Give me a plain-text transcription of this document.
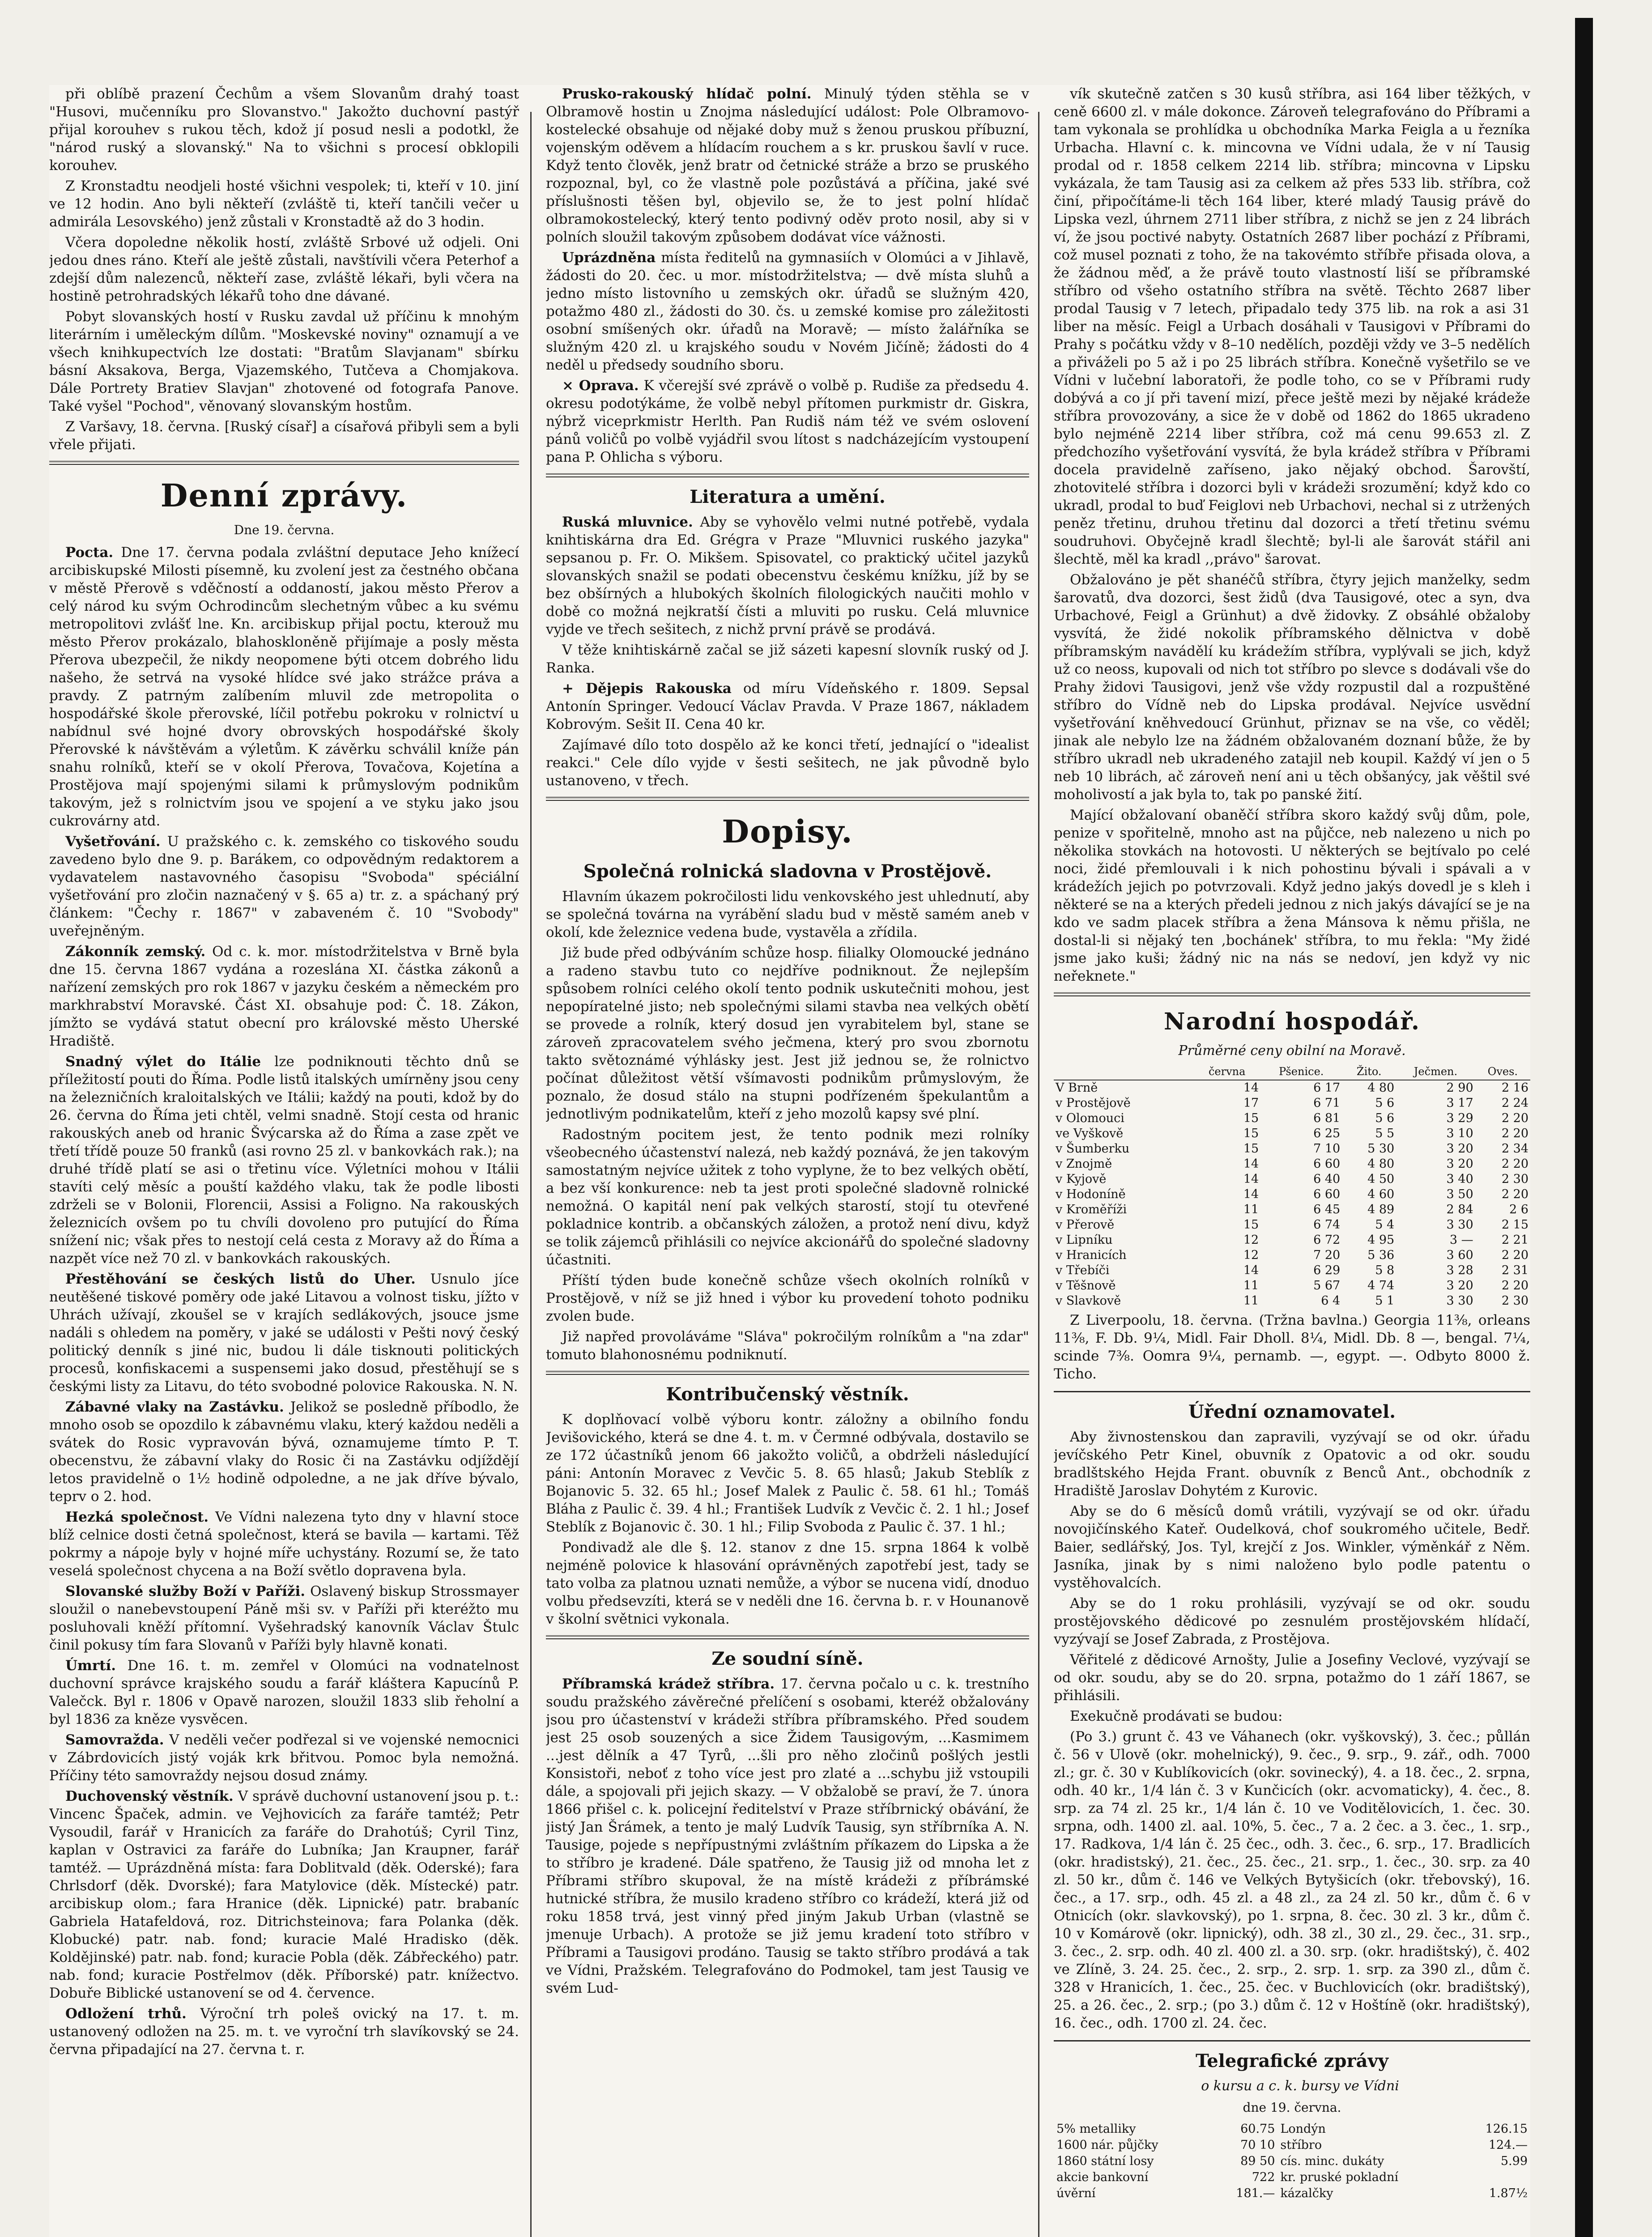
při oblíbě prazení Čechům a všem Slovanům drahý toast "Husovi, mučenníku pro Slovanstvo." Jakožto duchovní pastýř přijal korouhev s rukou těch, kdož jí posud nesli a podotkl, že "národ ruský a slovanský." Na to všichni s procesí obklopili korouhev.

Z Kronstadtu neodjeli hosté všichni vespolek; ti, kteří v 10. jiní ve 12 hodin. Ano byli někteří (zvláště ti, kteří tančili večer u admirála Lesovského) jenž zůstali v Kronstadtě až do 3 hodin.

Včera dopoledne několik hostí, zvláště Srbové už odjeli. Oni jedou dnes ráno. Kteří ale ještě zůstali, navštívili včera Peterhof a zdejší dům nalezenců, někteří zase, zvláště lékaři, byli včera na hostině petrohradských lékařů toho dne dávané.

Pobyt slovanských hostí v Rusku zavdal už příčinu k mnohým literárním i uměleckým dílům. "Moskevské noviny" oznamují a ve všech knihkupectvích lze dostati: "Bratům Slavjanam" sbírku básní Aksakova, Berga, Vjazemského, Tutčeva a Chomjakova. Dále Portrety Bratiev Slavjan" zhotovené od fotografa Panove. Také vyšel "Pochod", věnovaný slovanským hostům.

Z Varšavy, 18. června. [Ruský císař] a císařová přibyli sem a byli vřele přijati.

Denní zprávy.

Dne 19. června.

Pocta. Dne 17. června podala zvláštní deputace Jeho knížecí arcibiskupské Milosti písemně, ku zvolení jest za čestného občana v městě Přerově s vděčností a oddaností, jakou město Přerov a celý národ ku svým Ochrodincům slechetným vůbec a ku svému metropolitovi zvlášť lne. Kn. arcibiskup přijal poctu, kterouž mu město Přerov prokázalo, blahoskloněně přijímaje a posly města Přerova ubezpečil, že nikdy neopomene býti otcem dobrého lidu našeho, že setrvá na vysoké hlídce své jako strážce práva a pravdy. Z patrným zalíbením mluvil zde metropolita o hospodářské škole přerovské, líčil potřebu pokroku v rolnictví u nabídnul své hojné dvory obrovských hospodářské školy Přerovské k návštěvám a výletům. K závěrku schválil kníže pán snahu rolníků, kteří se v okolí Přerova, Tovačova, Kojetína a Prostějova mají spojenými silami k průmyslovým podnikům takovým, jež s rolnictvím jsou ve spojení a ve styku jako jsou cukrovárny atd.

Vyšetřování. U pražského c. k. zemského co tiskového soudu zavedeno bylo dne 9. p. Barákem, co odpovědným redaktorem a vydavatelem nastavovného časopisu "Svoboda" spéciální vyšetřování pro zločin naznačený v §. 65 a) tr. z. a spáchaný prý článkem: "Čechy r. 1867" v zabaveném č. 10 "Svobody" uveřejněným.

Zákonník zemský. Od c. k. mor. místodržitelstva v Brně byla dne 15. června 1867 vydána a rozeslána XI. částka zákonů a nařízení zemských pro rok 1867 v jazyku českém a německém pro markhrabství Moravské. Část XI. obsahuje pod: Č. 18. Zákon, jímžto se vydává statut obecní pro královské město Uherské Hradiště.

Snadný výlet do Itálie lze podniknouti těchto dnů se příležitostí pouti do Říma. Podle listů italských umírněny jsou ceny na železničních kraloitalských ve Itálii; každý na pouti, kdož by do 26. června do Říma jeti chtěl, velmi snadně. Stojí cesta od hranic rakouských aneb od hranic Švýcarska až do Říma a zase zpět ve třetí třídě pouze 50 franků (asi rovno 25 zl. v bankovkách rak.); na druhé třídě platí se asi o třetinu více. Výletníci mohou v Itálii stavíti celý měsíc a pouští každého vlaku, tak že podle libosti zdrželi se v Bolonii, Florencii, Assisi a Foligno. Na rakouských železnicích ovšem po tu chvíli dovoleno pro putující do Říma snížení nic; však přes to nestojí celá cesta z Moravy až do Říma a nazpět více než 70 zl. v bankovkách rakouských.

Přestěhování se českých listů do Uher. Usnulo jíce neutěšené tiskové poměry ode jaké Litavou a volnost tisku, jížto v Uhrách užívají, zkoušel se v krajích sedlákových, jsouce jsme nadáli s ohledem na poměry, v jaké se události v Pešti nový český politický denník s jiné nic, budou li dále tisknouti politických procesů, konfiskacemi a suspensemi jako dosud, přestěhují se s českými listy za Litavu, do této svobodné polovice Rakouska. N. N.

Zábavné vlaky na Zastávku. Jelikož se posledně příbodlo, že mnoho osob se opozdilo k zábavnému vlaku, který každou neděli a svátek do Rosic vypravován bývá, oznamujeme tímto P. T. obecenstvu, že zábavní vlaky do Rosic či na Zastávku odjíždějí letos pravidelně o 1½ hodině odpoledne, a ne jak dříve bývalo, teprv o 2. hod.

Hezká společnost. Ve Vídni nalezena tyto dny v hlavní stoce blíž celnice dosti četná společnost, která se bavila — kartami. Těž pokrmy a nápoje byly v hojné míře uchystány. Rozumí se, že tato veselá společnost chycena a na Boží světlo dopravena byla.

Slovanské služby Boží v Paříži. Oslavený biskup Strossmayer sloužil o nanebevstoupení Páně mši sv. v Paříži při kteréžto mu posluhovali kněží přítomní. Vyšehradský kanovník Václav Štulc činil pokusy tím fara Slovanů v Paříži byly hlavně konati.

Úmrtí. Dne 16. t. m. zemřel v Olomúci na vodnatelnost duchovní správce krajského soudu a farář kláštera Kapucínů P. Valečck. Byl r. 1806 v Opavě narozen, sloužil 1833 slib řeholní a byl 1836 za kněze vysvěcen.

Samovražda. V neděli večer podřezal si ve vojenské nemocnici v Zábrdovicích jistý voják krk břitvou. Pomoc byla nemožná. Příčiny této samovraždy nejsou dosud známy.

Duchovenský věstník. V správě duchovní ustanovení jsou p. t.: Vincenc Špaček, admin. ve Vejhovicích za faráře tamtéž; Petr Vysoudil, farář v Hranicích za faráře do Drahotúš; Cyril Tinz, kaplan v Ostravici za faráře do Lubníka; Jan Kraupner, farář tamtéž. — Uprázdněná místa: fara Doblitvald (děk. Oderské); fara Chrlsdorf (děk. Dvorské); fara Matylovice (děk. Místecké) patr. arcibiskup olom.; fara Hranice (děk. Lipnické) patr. brabaníc Gabriela Hatafeldová, roz. Ditrichsteinova; fara Polanka (děk. Klobucké) patr. nab. fond; kuracie Malé Hradisko (děk. Koldějinské) patr. nab. fond; kuracie Pobla (děk. Zábřeckého) patr. nab. fond; kuracie Postřelmov (děk. Příborské) patr. knížectvo. Dobuře Biblické ustanovení se od 4. července.

Odložení trhů. Výroční trh poleš ovický na 17. t. m. ustanovený odložen na 25. m. t. ve vyroční trh slavíkovský se 24. června připadající na 27. června t. r.

Prusko-rakouský hlídač polní. Minulý týden stěhla se v Olbramově hostin u Znojma následující událost: Pole Olbramovo-kostelecké obsahuje od nějaké doby muž s ženou pruskou příbuzní, vojenským oděvem a hlídacím rouchem a s kr. pruskou šavlí v ruce. Když tento člověk, jenž bratr od četnické stráže a brzo se pruského rozpoznal, byl, co že vlastně pole pozůstává a příčina, jaké své příslušnosti těšen byl, objevilo se, že to jest polní hlídač olbramokostelecký, který tento podivný oděv proto nosil, aby si v polních sloužil takovým způsobem dodávat více vážnosti.

Uprázdněna místa ředitelů na gymnasiích v Olomúci a v Jihlavě, žádosti do 20. čec. u mor. místodržitelstva; — dvě místa sluhů a jedno místo listovního u zemských okr. úřadů se služným 420, potažmo 480 zl., žádosti do 30. čs. u zemské komise pro záležitosti osobní smíšených okr. úřadů na Moravě; — místo žalářníka se služným 420 zl. u krajského soudu v Novém Jičíně; žádosti do 4 neděl u předsedy soudního sboru.

× Oprava. K včerejší své zprávě o volbě p. Rudiše za předsedu 4. okresu podotýkáme, že volbě nebyl přítomen purkmistr dr. Giskra, nýbrž viceprkmistr Herlth. Pan Rudiš nám též ve svém oslovení pánů voličů po volbě vyjádřil svou lítost s nadcházejícím vystoupení pana P. Ohlicha s výboru.

Literatura a umění.

Ruská mluvnice. Aby se vyhovělo velmi nutné potřebě, vydala knihtiskárna dra Ed. Grégra v Praze "Mluvnici ruského jazyka" sepsanou p. Fr. O. Mikšem. Spisovatel, co praktický učitel jazyků slovanských snažil se podati obecenstvu českému knížku, jíž by se bez obšírných a hlubokých školních filologických naučiti mohlo v době co možná nejkratší čísti a mluviti po rusku. Celá mluvnice vyjde ve třech sešitech, z nichž první právě se prodává.

V těže knihtiskárně začal se již sázeti kapesní slovník ruský od J. Ranka.

+ Dějepis Rakouska od míru Vídeňského r. 1809. Sepsal Antonín Springer. Vedoucí Václav Pravda. V Praze 1867, nákladem Kobrovým. Sešit II. Cena 40 kr.

Zajímavé dílo toto dospělo až ke konci třetí, jednající o "idealist reakci." Cele dílo vyjde v šesti sešitech, ne jak původně bylo ustanoveno, v třech.

Dopisy.
Společná rolnická sladovna v Prostějově.

Hlavním úkazem pokročilosti lidu venkovského jest uhlednutí, aby se společná továrna na vyrábění sladu bud v městě samém aneb v okolí, kde železnice vedena bude, vystavěla a zřídila.

Již bude před odbýváním schůze hosp. filialky Olomoucké jednáno a radeno stavbu tuto co nejdříve podniknout. Že nejlepším spůsobem rolníci celého okolí tento podnik uskutečniti mohou, jest nepopíratelné jisto; neb společnými silami stavba nea velkých obětí se provede a rolník, který dosud jen vyrabitelem byl, stane se zároveň zpracovatelem svého ječmena, který pro svou zbornotu takto světoznámé výhlásky jest. Jest již jednou se, že rolnictvo počínat důležitost větší všímavosti podnikům průmyslovým, že poznalo, že dosud stálo na stupni podřízeném špekulantům a jednotlivým podnikatelům, kteří z jeho mozolů kapsy své plní.

Radostným pocitem jest, že tento podnik mezi rolníky všeobecného účastenství nalezá, neb každý poznává, že jen takovým samostatným nejvíce užitek z toho vyplyne, že to bez velkých obětí, a bez vší konkurence: neb ta jest proti společné sladovně rolnické nemožná. O kapitál není pak velkých starostí, stojí tu otevřené pokladnice kontrib. a občanských záložen, a protož není divu, když se tolik zájemců přihlásili co nejvíce akcionářů do společné sladovny účastniti.

Příští týden bude konečně schůze všech okolních rolníků v Prostějově, v níž se již hned i výbor ku provedení tohoto podniku zvolen bude.

Již napřed provoláváme "Sláva" pokročilým rolníkům a "na zdar" tomuto blahonosnému podniknutí.

Kontribučenský věstník.

K doplňovací volbě výboru kontr. záložny a obilního fondu Jevišovického, která se dne 4. t. m. v Čermné odbývala, dostavilo se ze 172 účastníků jenom 66 jakožto voličů, a obdrželi následující páni: Antonín Moravec z Vevčic 5. 8. 65 hlasů; Jakub Steblík z Bojanovic 5. 32. 65 hl.; Josef Malek z Paulic č. 58. 61 hl.; Tomáš Bláha z Paulic č. 39. 4 hl.; František Ludvík z Vevčic č. 2. 1 hl.; Josef Steblík z Bojanovic č. 30. 1 hl.; Filip Svoboda z Paulic č. 37. 1 hl.;

Pondivadž ale dle §. 12. stanov z dne 15. srpna 1864 k volbě nejméně polovice k hlasování oprávněných zapotřebí jest, tady se tato volba za platnou uznati nemůže, a výbor se nucena vidí, dnoduo volbu předsevzíti, která se v neděli dne 16. června b. r. v Hounanově v školní světnici vykonala.

Ze soudní síně.

Příbramská krádež stříbra. 17. června počalo u c. k. trestního soudu pražského závěrečné přelíčení s osobami, kteréž obžalovány jsou pro účastenství v krádeži stříbra příbramského. Před soudem jest 25 osob souzených a sice Židem Tausigovým, ...Kasmimem ...jest dělník a 47 Tyrů, ...šli pro něho zločinů pošlých jestli Konsistoři, neboť z toho více jest pro zlaté a ...schybu již vstoupili dále, a spojovali při jejich skazy. — V obžalobě se praví, že 7. února 1866 přišel c. k. policejní ředitelství v Praze stříbrnický obávání, že jistý Jan Šrámek, a tento je malý Ludvík Tausig, syn stříbrníka A. N. Tausige, pojede s nepřípustnými zvláštním příkazem do Lipska a že to stříbro je kradené. Dále spatřeno, že Tausig již od mnoha let z Příbrami stříbro skupoval, že na místě krádeži z příbrámské hutnické stříbra, že musilo kradeno stříbro co krádeží, která již od roku 1858 trvá, jest vinný před jiným Jakub Urban (vlastně se jmenuje Urbach). A protože se již jemu kradení toto stříbro v Příbrami a Tausigovi prodáno. Tausig se takto stříbro prodává a tak ve Vídni, Pražském. Telegrafováno do Podmokel, tam jest Tausig ve svém Lud-

vík skutečně zatčen s 30 kusů stříbra, asi 164 liber těžkých, v ceně 6600 zl. v mále dokonce. Zároveň telegrafováno do Příbrami a tam vykonala se prohlídka u obchodníka Marka Feigla a u řezníka Urbacha. Hlavní c. k. mincovna ve Vídni udala, že v ní Tausig prodal od r. 1858 celkem 2214 lib. stříbra; mincovna v Lipsku vykázala, že tam Tausig asi za celkem až přes 533 lib. stříbra, což činí, připočítáme-li těch 164 liber, které mladý Tausig právě do Lipska vezl, úhrnem 2711 liber stříbra, z nichž se jen z 24 librách ví, že jsou poctivé nabyty. Ostatních 2687 liber pochází z Příbrami, což musel poznati z toho, že na takovémto stříbře přisada olova, a že žádnou měď, a že právě touto vlastností liší se příbramské stříbro od všeho ostatního stříbra na světě. Těchto 2687 liber prodal Tausig v 7 letech, připadalo tedy 375 lib. na rok a asi 31 liber na měsíc. Feigl a Urbach dosáhali v Tausigovi v Příbrami do Prahy s počátku vždy v 8–10 nedělích, později vždy ve 3–5 nedělích a přiváželi po 5 až i po 25 librách stříbra. Konečně vyšetřilo se ve Vídni v lučební laboratoři, že podle toho, co se v Příbrami rudy dobývá a co jí při tavení mizí, přece ještě mezi by nějaké krádeže stříbra provozovány, a sice že v době od 1862 do 1865 ukradeno bylo nejméně 2214 liber stříbra, což má cenu 99.653 zl. Z předchozího vyšetřování vysvítá, že byla krádež stříbra v Příbrami docela pravidelně zaříseno, jako nějaký obchod. Šarovští, zhotovitelé stříbra i dozorci byli v krádeži srozumění; když kdo co ukradl, prodal to buď Feiglovi neb Urbachovi, nechal si z utržených peněz třetinu, druhou třetinu dal dozorci a třetí třetinu svému soudruhovi. Obyčejně kradl šlechtě; byl-li ale šarovát stářil ani šlechtě, měl ka kradl ,,právo" šarovat.

Obžalováno je pět shanéčů stříbra, čtyry jejich manželky, sedm šarovatů, dva dozorci, šest židů (dva Tausigové, otec a syn, dva Urbachové, Feigl a Grünhut) a dvě židovky. Z obsáhlé obžaloby vysvítá, že židé nokolik příbramského dělnictva v době příbramským navádělí ku krádežím stříbra, vyplývali se jich, když už co neoss, kupovali od nich tot stříbro po slevce s dodávali vše do Prahy židovi Tausigovi, jenž vše vždy rozpustil dal a rozpuštěné stříbro do Vídně neb do Lipska prodával. Nejvíce usvědní vyšetřování kněhvedoucí Grünhut, přiznav se na vše, co věděl; jinak ale nebylo lze na žádném obžalovaném doznaní bůže, že by stříbro ukradl neb ukradeného zatajil neb koupil. Každý ví jen o 5 neb 10 librách, ač zároveň není ani u těch obšanýcy, jak věštil své moholivostí a jak byla to, tak po panské žití.

Mající obžalovaní obaněčí stříbra skoro každý svůj dům, pole, penize v spořitelně, mnoho ast na půjčce, neb nalezeno u nich po několika stovkách na hotovosti. U některých se bejtívalo po celé noci, židé přemlouvali i k nich pohostinu bývali i spávali a v krádežích jejich po potvrzovali. Když jedno jakýs dovedl je s kleh i některé se na a kterých předeli jednou z nich jakýs dávající se je na kdo ve sadm placek stříbra a žena Mánsova k němu přišla, ne dostal-li si nějaký ten ,bochánek' stříbra, to mu řekla: "My židé jsme jako kuši; žádný nic na nás se nedoví, jen když vy nic neřeknete."

Narodní hospodář.

Průměrné ceny obilní na Moravě.

	června	Pšenice.	Žito.	Ječmen.	Oves.
V Brně	14	6 17	4 80	2 90	2 16
v Prostějově	17	6 71	5 6	3 17	2 24
v Olomouci	15	6 81	5 6	3 29	2 20
ve Vyškově	15	6 25	5 5	3 10	2 20
v Šumberku	15	7 10	5 30	3 20	2 34
v Znojmě	14	6 60	4 80	3 20	2 20
v Kyjově	14	6 40	4 50	3 40	2 30
v Hodoníně	14	6 60	4 60	3 50	2 20
v Kroměříži	11	6 45	4 89	2 84	2 6
v Přerově	15	6 74	5 4	3 30	2 15
v Lipníku	12	6 72	4 95	3 —	2 21
v Hranicích	12	7 20	5 36	3 60	2 20
v Třebíči	14	6 29	5 8	3 28	2 31
v Těšnově	11	5 67	4 74	3 20	2 20
v Slavkově	11	6 4	5 1	3 30	2 30

Z Liverpoolu, 18. června. (Tržna bavlna.) Georgia 11⅜, orleans 11⅜, F. Db. 9¼, Midl. Fair Dholl. 8¼, Midl. Db. 8 —, bengal. 7¼, scinde 7⅜. Oomra 9¼, pernamb. —, egypt. —. Odbyto 8000 ž. Ticho.

Úřední oznamovatel.

Aby živnostenskou dan zapravili, vyzývají se od okr. úřadu jevíčského Petr Kinel, obuvník z Opatovic a od okr. soudu bradlštského Hejda Frant. obuvník z Benců Ant., obchodník z Hradiště Jaroslav Dohytém z Kurovic.

Aby se do 6 měsíců domů vrátili, vyzývají se od okr. úřadu novojičínského Kateř. Oudelková, chof soukromého učitele, Bedř. Baier, sedlářský, Jos. Tyl, krejčí z Jos. Winkler, výměnkář z Něm. Jasníka, jinak by s nimi naloženo bylo podle patentu o vystěhovalcích.

Aby se do 1 roku prohlásili, vyzývají se od okr. soudu prostějovského dědicové po zesnulém prostějovském hlídačí, vyzývají se Josef Zabrada, z Prostějova.

Věřitelé z dědicové Arnošty, Julie a Josefiny Veclové, vyzývají se od okr. soudu, aby se do 20. srpna, potažmo do 1 září 1867, se přihlásili.

Exekučně prodávati se budou:

(Po 3.) grunt č. 43 ve Váhanech (okr. vyškovský), 3. čec.; půllán č. 56 v Ulově (okr. mohelnický), 9. čec., 9. srp., 9. zář., odh. 7000 zl.; gr. č. 30 v Kublíkovicích (okr. sovinecký), 4. a 18. čec., 2. srpna, odh. 40 kr., 1/4 lán č. 3 v Kunčicích (okr. acvomaticky), 4. čec., 8. srp. za 74 zl. 25 kr., 1/4 lán č. 10 ve Voditělovicích, 1. čec. 30. srpna, odh. 1400 zl. aal. 10%, 5. čec., 7 a. 2 čec. a 3. čec., 1. srp., 17. Radkova, 1/4 lán č. 25 čec., odh. 3. čec., 6. srp., 17. Bradlicích (okr. hradistský), 21. čec., 25. čec., 21. srp., 1. čec., 30. srp. za 40 zl. 50 kr., dům č. 146 ve Velkých Bytyšicích (okr. třebovský), 16. čec., a 17. srp., odh. 45 zl. a 48 zl., za 24 zl. 50 kr., dům č. 6 v Otnicích (okr. slavkovský), po 1. srpna, 8. čec. 30 zl. 3 kr., dům č. 10 v Komárově (okr. lipnický), odh. 38 zl., 30 zl., 29. čec., 31. srp., 3. čec., 2. srp. odh. 40 zl. 400 zl. a 30. srp. (okr. hradištský), č. 402 ve Zlíně, 3. 24. 25. čec., 2. srp., 2. srp. 1. srp. za 390 zl., dům č. 328 v Hranicích, 1. čec., 25. čec. v Buchlovicích (okr. bradištský), 25. a 26. čec., 2. srp.; (po 3.) dům č. 12 v Hoštíně (okr. hradištský), 16. čec., odh. 1700 zl. 24. čec.

Telegrafické zprávy

o kursu a c. k. bursy ve Vídni

dne 19. června.

5% metalliky	60.75	Londýn	126.15
1600 nár. půjčky	70 10	stříbro	124.—
1860 státní losy	89 50	cís. minc. dukáty	5.99
akcie bankovní	722	kr. pruské pokladní	
úvěrní	181.—	kázalčky	1.87½
